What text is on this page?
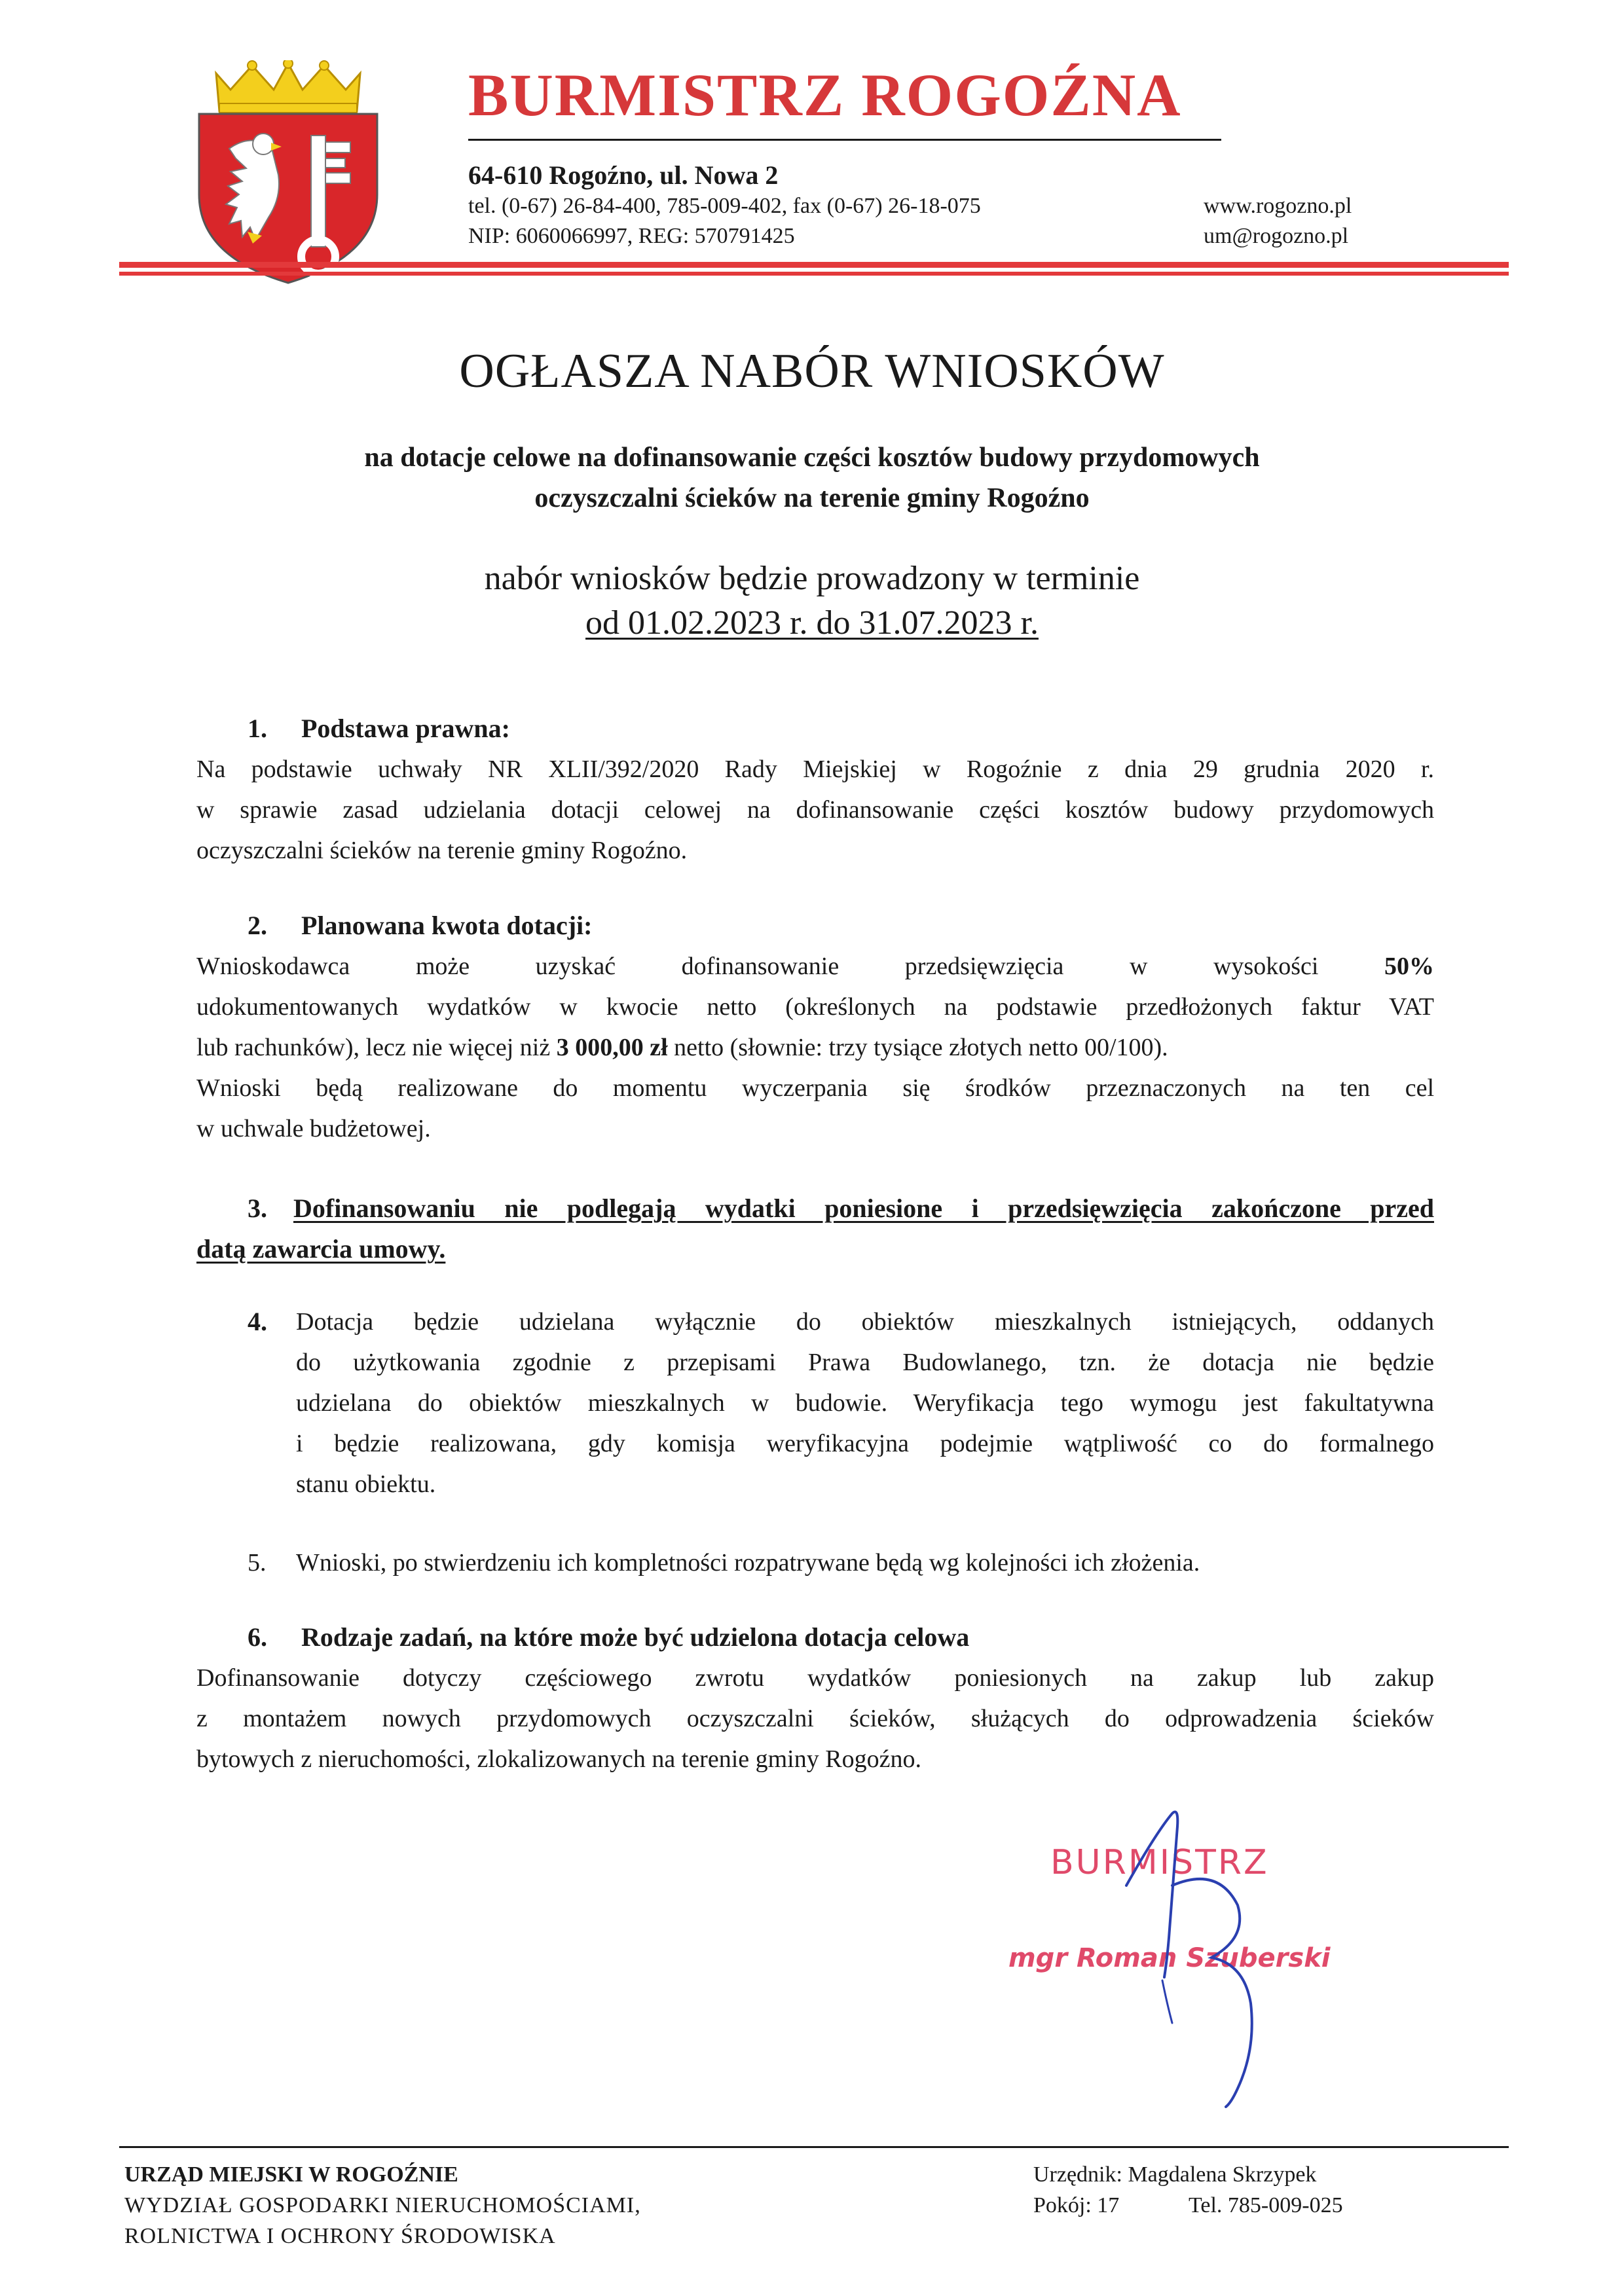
BURMISTRZ ROGOŹNA
64-610 Rogoźno, ul. Nowa 2
tel. (0-67) 26-84-400, 785-009-402, fax (0-67) 26-18-075
NIP: 6060066997, REG: 570791425
www.rogozno.pl
um@rogozno.pl
OGŁASZA NABÓR WNIOSKÓW
na dotacje celowe na dofinansowanie części kosztów budowy przydomowych
oczyszczalni ścieków na terenie gminy Rogoźno
nabór wniosków będzie prowadzony w terminie
od 01.02.2023 r. do 31.07.2023 r.
1. Podstawa prawna:
Na podstawie uchwały NR XLII/392/2020 Rady Miejskiej w Rogoźnie z dnia 29 grudnia 2020 r.
w sprawie zasad udzielania dotacji celowej na dofinansowanie części kosztów budowy przydomowych
oczyszczalni ścieków na terenie gminy Rogoźno.
2. Planowana kwota dotacji:
Wnioskodawca może uzyskać dofinansowanie przedsięwzięcia w wysokości	50%
udokumentowanych wydatków w kwocie netto (określonych na podstawie przedłożonych faktur VAT
lub rachunków), lecz nie więcej niż 3 000,00 zł netto (słownie: trzy tysiące złotych netto 00/100).
Wnioski będą realizowane do momentu wyczerpania się środków przeznaczonych na ten cel
w uchwale budżetowej.
3. Dofinansowaniu nie podlegają wydatki poniesione i przedsięwzięcia zakończone przed
datą zawarcia umowy.
4. Dotacja będzie udzielana wyłącznie do obiektów mieszkalnych istniejących, oddanych
do użytkowania zgodnie z przepisami Prawa Budowlanego, tzn. że dotacja nie będzie
udzielana do obiektów mieszkalnych w budowie. Weryfikacja tego wymogu jest fakultatywna
i będzie realizowana, gdy komisja weryfikacyjna podejmie wątpliwość co do formalnego
stanu obiektu.
5. Wnioski, po stwierdzeniu ich kompletności rozpatrywane będą wg kolejności ich złożenia.
6. Rodzaje zadań, na które może być udzielona dotacja celowa
Dofinansowanie dotyczy częściowego zwrotu wydatków poniesionych na zakup lub zakup
z montażem nowych przydomowych oczyszczalni ścieków, służących do odprowadzenia ścieków
bytowych z nieruchomości, zlokalizowanych na terenie gminy Rogoźno.
BURMISTRZ
mgr Roman Szuberski
URZĄD MIEJSKI W ROGOŹNIE
WYDZIAŁ GOSPODARKI NIERUCHOMOŚCIAMI,
ROLNICTWA I OCHRONY ŚRODOWISKA
Urzędnik: Magdalena Skrzypek
Pokój: 17	Tel. 785-009-025
